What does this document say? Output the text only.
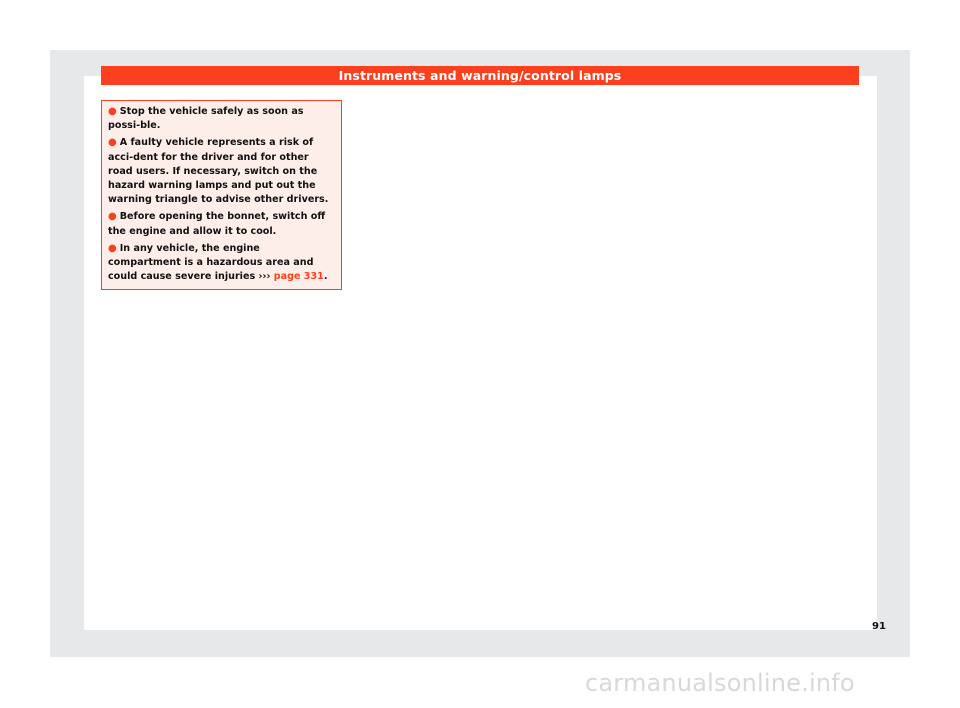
Instruments and warning/control lamps
● Stop the vehicle safely as soon as possi-ble.
● A faulty vehicle represents a risk of acci-dent for the driver and for other road users. If necessary, switch on the hazard warning lamps and put out the warning triangle to advise other drivers.
● Before opening the bonnet, switch off the engine and allow it to cool.
● In any vehicle, the engine compartment is a hazardous area and could cause severe injuries ››› page 331.
91
carmanualsonline.info
